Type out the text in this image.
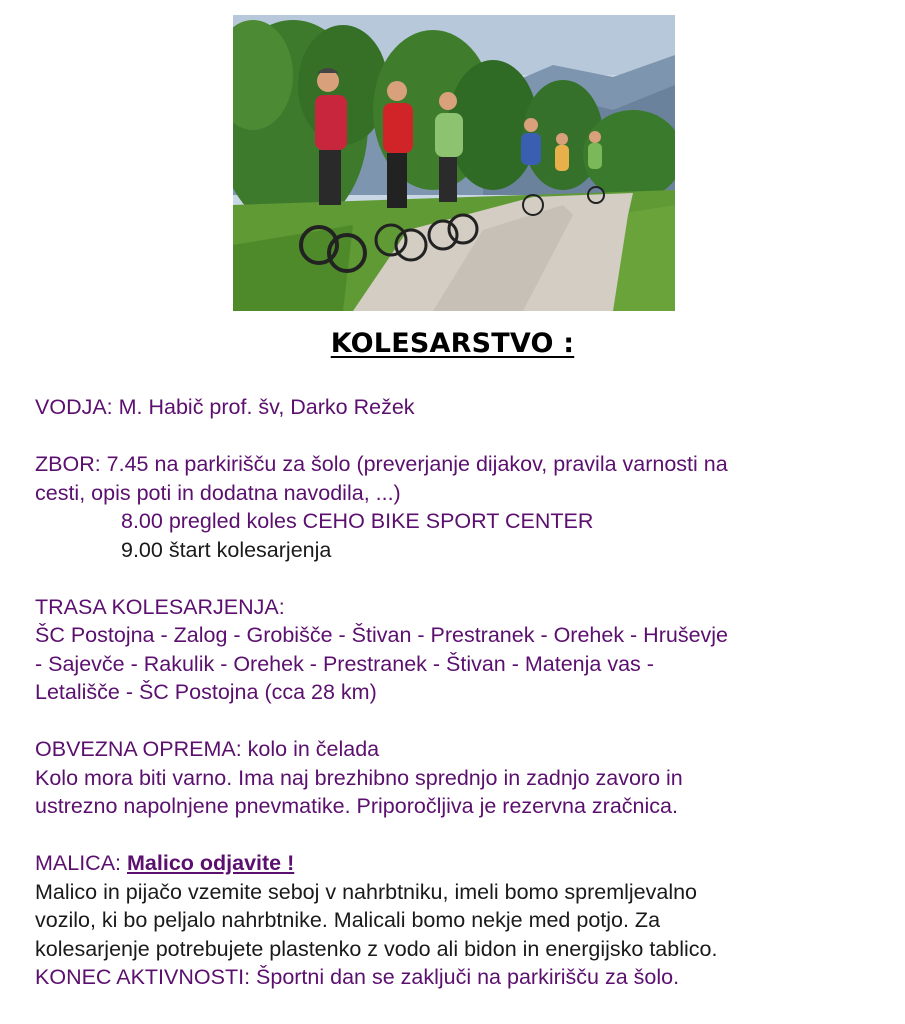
KOLESARSTVO :
VODJA: M. Habič prof. šv, Darko Režek
ZBOR: 7.45 na parkirišču za šolo (preverjanje dijakov, pravila varnosti na
cesti, opis poti in dodatna navodila, ...)
8.00 pregled koles CEHO BIKE SPORT CENTER
9.00 štart kolesarjenja
TRASA KOLESARJENJA:
ŠC Postojna - Zalog - Grobišče - Štivan - Prestranek - Orehek - Hruševje
- Sajevče - Rakulik - Orehek - Prestranek - Štivan - Matenja vas -
Letališče - ŠC Postojna (cca 28 km)
OBVEZNA OPREMA: kolo in čelada
Kolo mora biti varno. Ima naj brezhibno sprednjo in zadnjo zavoro in
ustrezno napolnjene pnevmatike. Priporočljiva je rezervna zračnica.
MALICA: Malico odjavite !
Malico in pijačo vzemite seboj v nahrbtniku, imeli bomo spremljevalno
vozilo, ki bo peljalo nahrbtnike. Malicali bomo nekje med potjo. Za
kolesarjenje potrebujete plastenko z vodo ali bidon in energijsko tablico.
KONEC AKTIVNOSTI: Športni dan se zaključi na parkirišču za šolo.
